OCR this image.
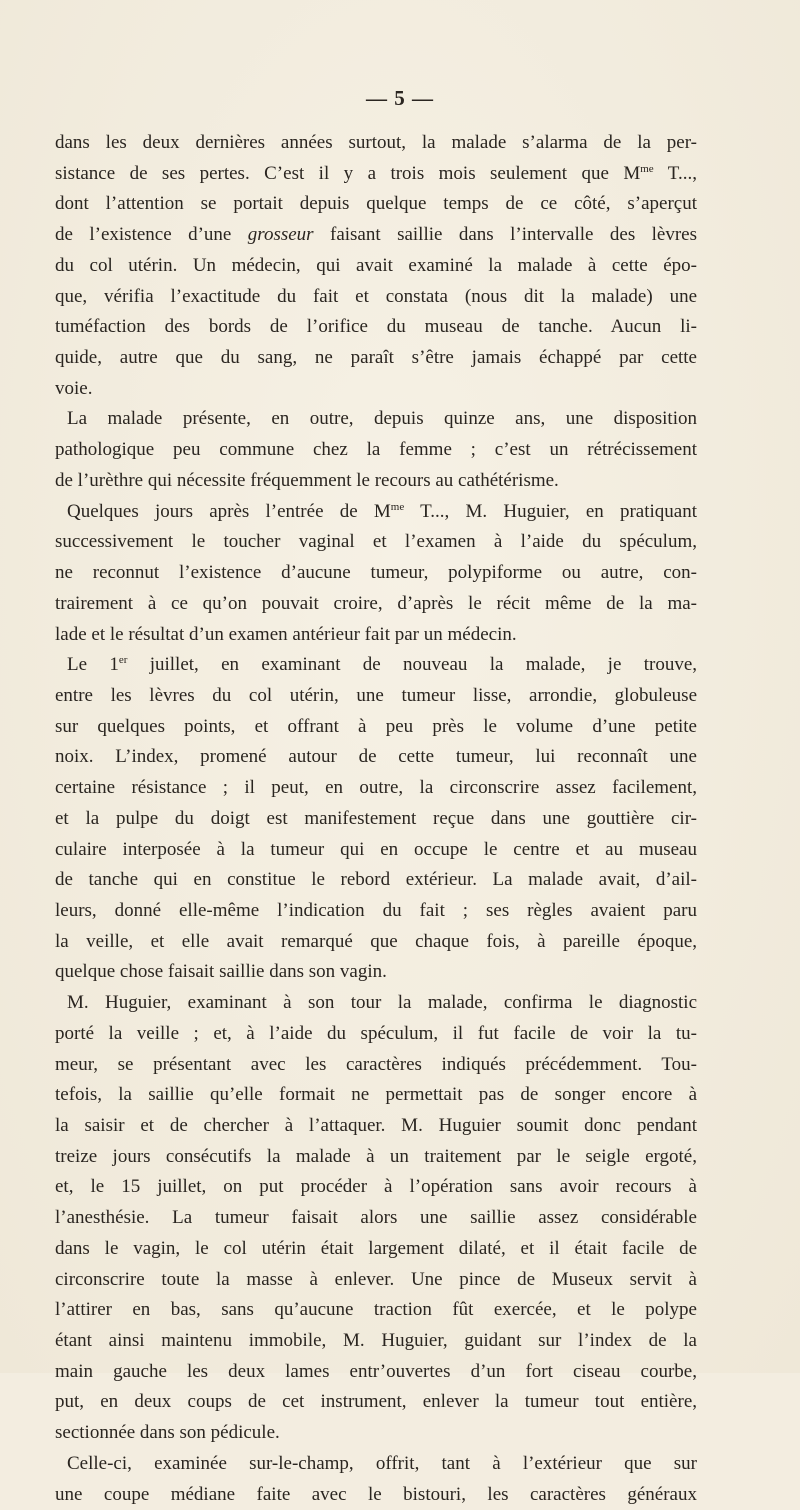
— 5 —
dans les deux dernières années surtout, la malade s’alarma de la per-
sistance de ses pertes. C’est il y a trois mois seulement que $M^{me}$ T...,
dont l’attention se portait depuis quelque temps de ce côté, s’aperçut
de l’existence d’une grosseur faisant saillie dans l’intervalle des lèvres
du col utérin. Un médecin, qui avait examiné la malade à cette épo-
que, vérifia l’exactitude du fait et constata (nous dit la malade) une
tuméfaction des bords de l’orifice du museau de tanche. Aucun li-
quide, autre que du sang, ne paraît s’être jamais échappé par cette
voie.
La malade présente, en outre, depuis quinze ans, une disposition
pathologique peu commune chez la femme ; c’est un rétrécissement
de l’urèthre qui nécessite fréquemment le recours au cathétérisme.
Quelques jours après l’entrée de $M^{me}$ T..., M. Huguier, en pratiquant
successivement le toucher vaginal et l’examen à l’aide du spéculum,
ne reconnut l’existence d’aucune tumeur, polypiforme ou autre, con-
trairement à ce qu’on pouvait croire, d’après le récit même de la ma-
lade et le résultat d’un examen antérieur fait par un médecin.
Le 1er juillet, en examinant de nouveau la malade, je trouve,
entre les lèvres du col utérin, une tumeur lisse, arrondie, globuleuse
sur quelques points, et offrant à peu près le volume d’une petite
noix. L’index, promené autour de cette tumeur, lui reconnaît une
certaine résistance ; il peut, en outre, la circonscrire assez facilement,
et la pulpe du doigt est manifestement reçue dans une gouttière cir-
culaire interposée à la tumeur qui en occupe le centre et au museau
de tanche qui en constitue le rebord extérieur. La malade avait, d’ail-
leurs, donné elle-même l’indication du fait ; ses règles avaient paru
la veille, et elle avait remarqué que chaque fois, à pareille époque,
quelque chose faisait saillie dans son vagin.
M. Huguier, examinant à son tour la malade, confirma le diagnostic
porté la veille ; et, à l’aide du spéculum, il fut facile de voir la tu-
meur, se présentant avec les caractères indiqués précédemment. Tou-
tefois, la saillie qu’elle formait ne permettait pas de songer encore à
la saisir et de chercher à l’attaquer. M. Huguier soumit donc pendant
treize jours consécutifs la malade à un traitement par le seigle ergoté,
et, le 15 juillet, on put procéder à l’opération sans avoir recours à
l’anesthésie. La tumeur faisait alors une saillie assez considérable
dans le vagin, le col utérin était largement dilaté, et il était facile de
circonscrire toute la masse à enlever. Une pince de Museux servit à
l’attirer en bas, sans qu’aucune traction fût exercée, et le polype
étant ainsi maintenu immobile, M. Huguier, guidant sur l’index de la
main gauche les deux lames entr’ouvertes d’un fort ciseau courbe,
put, en deux coups de cet instrument, enlever la tumeur tout entière,
sectionnée dans son pédicule.
Celle-ci, examinée sur-le-champ, offrit, tant à l’extérieur que sur
une coupe médiane faite avec le bistouri, les caractères généraux
